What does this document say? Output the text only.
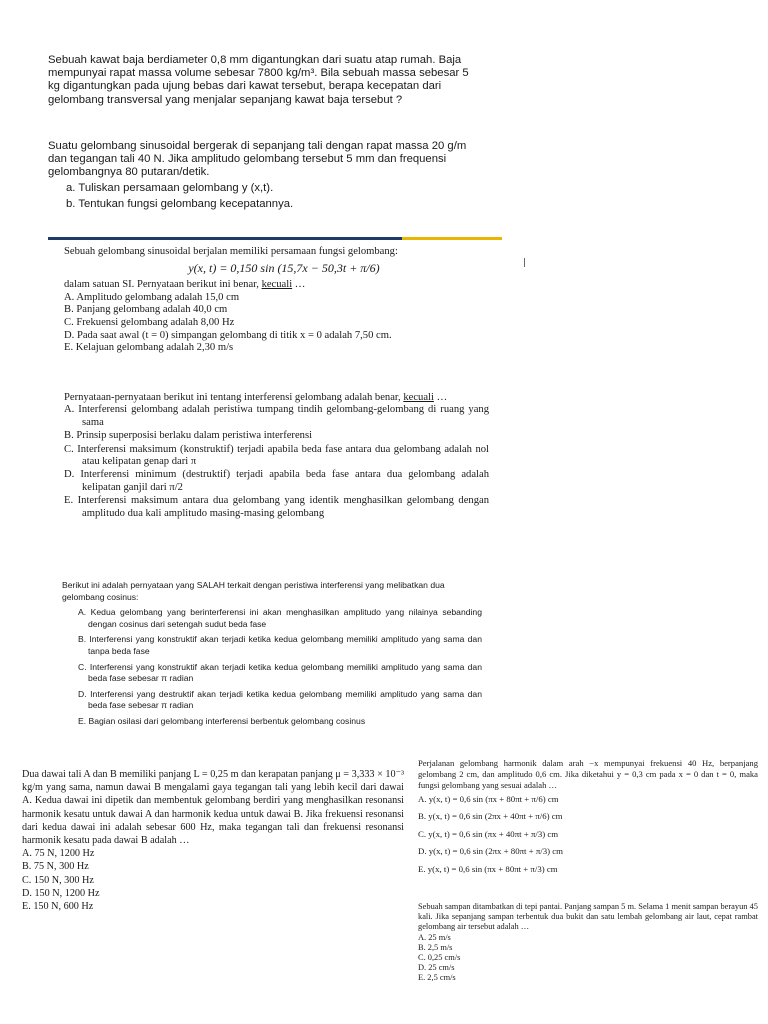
Sebuah kawat baja berdiameter 0,8 mm digantungkan dari suatu atap rumah. Baja
mempunyai rapat massa volume sebesar 7800 kg/m³. Bila sebuah massa sebesar 5
kg digantungkan pada ujung bebas dari kawat tersebut, berapa kecepatan dari
gelombang transversal yang menjalar sepanjang kawat baja tersebut ?
Suatu gelombang sinusoidal bergerak di sepanjang tali dengan rapat massa 20 g/m
dan tegangan tali 40 N. Jika amplitudo gelombang tersebut 5 mm dan frequensi
gelombangnya 80 putaran/detik.
a. Tuliskan persamaan gelombang y (x,t).
b. Tentukan fungsi gelombang kecepatannya.
Sebuah gelombang sinusoidal berjalan memiliki persamaan fungsi gelombang:
y(x, t) = 0,150 sin (15,7x − 50,3t + π/6)
dalam satuan SI. Pernyataan berikut ini benar, kecuali …
A. Amplitudo gelombang adalah 15,0 cm
B. Panjang gelombang adalah 40,0 cm
C. Frekuensi gelombang adalah 8,00 Hz
D. Pada saat awal (t = 0) simpangan gelombang di titik x = 0 adalah 7,50 cm.
E. Kelajuan gelombang adalah 2,30 m/s
Pernyataan-pernyataan berikut ini tentang interferensi gelombang adalah benar, kecuali …
A. Interferensi gelombang adalah peristiwa tumpang tindih gelombang-gelombang di ruang yang sama
B. Prinsip superposisi berlaku dalam peristiwa interferensi
C. Interferensi maksimum (konstruktif) terjadi apabila beda fase antara dua gelombang adalah nol atau kelipatan genap dari π
D. Interferensi minimum (destruktif) terjadi apabila beda fase antara dua gelombang adalah kelipatan ganjil dari π/2
E. Interferensi maksimum antara dua gelombang yang identik menghasilkan gelombang dengan amplitudo dua kali amplitudo masing-masing gelombang
Berikut ini adalah pernyataan yang SALAH terkait dengan peristiwa interferensi yang melibatkan dua gelombang cosinus:
A. Kedua gelombang yang berinterferensi ini akan menghasilkan amplitudo yang nilainya sebanding dengan cosinus dari setengah sudut beda fase
B. Interferensi yang konstruktif akan terjadi ketika kedua gelombang memiliki amplitudo yang sama dan tanpa beda fase
C. Interferensi yang konstruktif akan terjadi ketika kedua gelombang memiliki amplitudo yang sama dan beda fase sebesar π radian
D. Interferensi yang destruktif akan terjadi ketika kedua gelombang memiliki amplitudo yang sama dan beda fase sebesar π radian
E. Bagian osilasi dari gelombang interferensi berbentuk gelombang cosinus
Dua dawai tali A dan B memiliki panjang L = 0,25 m dan kerapatan panjang μ = 3,333 × 10⁻³ kg/m yang sama, namun dawai B mengalami gaya tegangan tali yang lebih kecil dari dawai A. Kedua dawai ini dipetik dan membentuk gelombang berdiri yang menghasilkan resonansi harmonik kesatu untuk dawai A dan harmonik kedua untuk dawai B. Jika frekuensi resonansi dari kedua dawai ini adalah sebesar 600 Hz, maka tegangan tali dan frekuensi resonansi harmonik kesatu pada dawai B adalah …
A. 75 N, 1200 Hz
B. 75 N, 300 Hz
C. 150 N, 300 Hz
D. 150 N, 1200 Hz
E. 150 N, 600 Hz
Perjalanan gelombang harmonik dalam arah −x mempunyai frekuensi 40 Hz, berpanjang gelombang 2 cm, dan amplitudo 0,6 cm. Jika diketahui y = 0,3 cm pada x = 0 dan t = 0, maka fungsi gelombang yang sesuai adalah …
A. y(x, t) = 0,6 sin (πx + 80πt + π/6) cm
B. y(x, t) = 0,6 sin (2πx + 40πt + π/6) cm
C. y(x, t) = 0,6 sin (πx + 40πt + π/3) cm
D. y(x, t) = 0,6 sin (2πx + 80πt + π/3) cm
E. y(x, t) = 0,6 sin (πx + 80πt + π/3) cm
Sebuah sampan ditambatkan di tepi pantai. Panjang sampan 5 m. Selama 1 menit sampan berayun 45 kali. Jika sepanjang sampan terbentuk dua bukit dan satu lembah gelombang air laut, cepat rambat gelombang air tersebut adalah …
A. 25 m/s
B. 2,5 m/s
C. 0,25 cm/s
D. 25 cm/s
E. 2,5 cm/s
